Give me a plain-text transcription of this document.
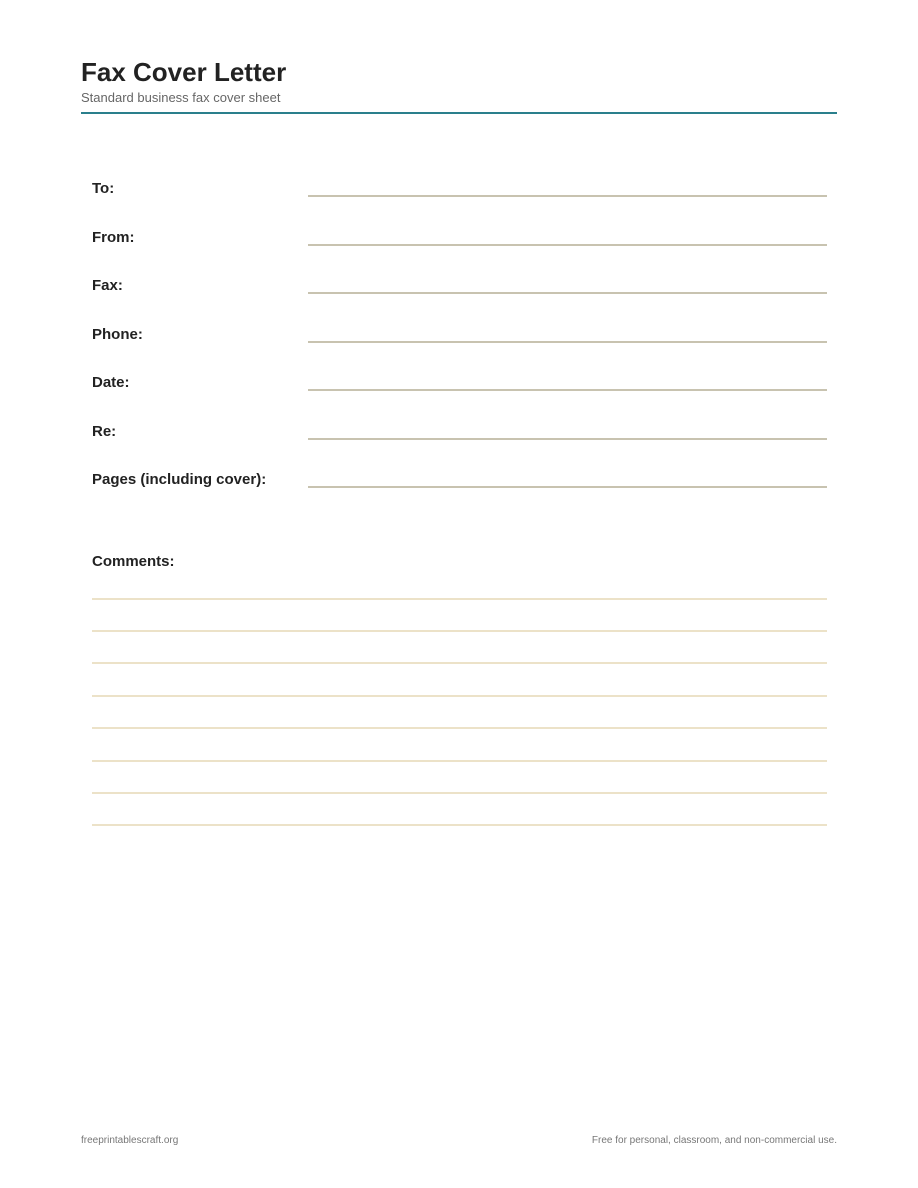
Fax Cover Letter
Standard business fax cover sheet
To:
From:
Fax:
Phone:
Date:
Re:
Pages (including cover):
Comments:
freeprintablescraft.org	Free for personal, classroom, and non-commercial use.
